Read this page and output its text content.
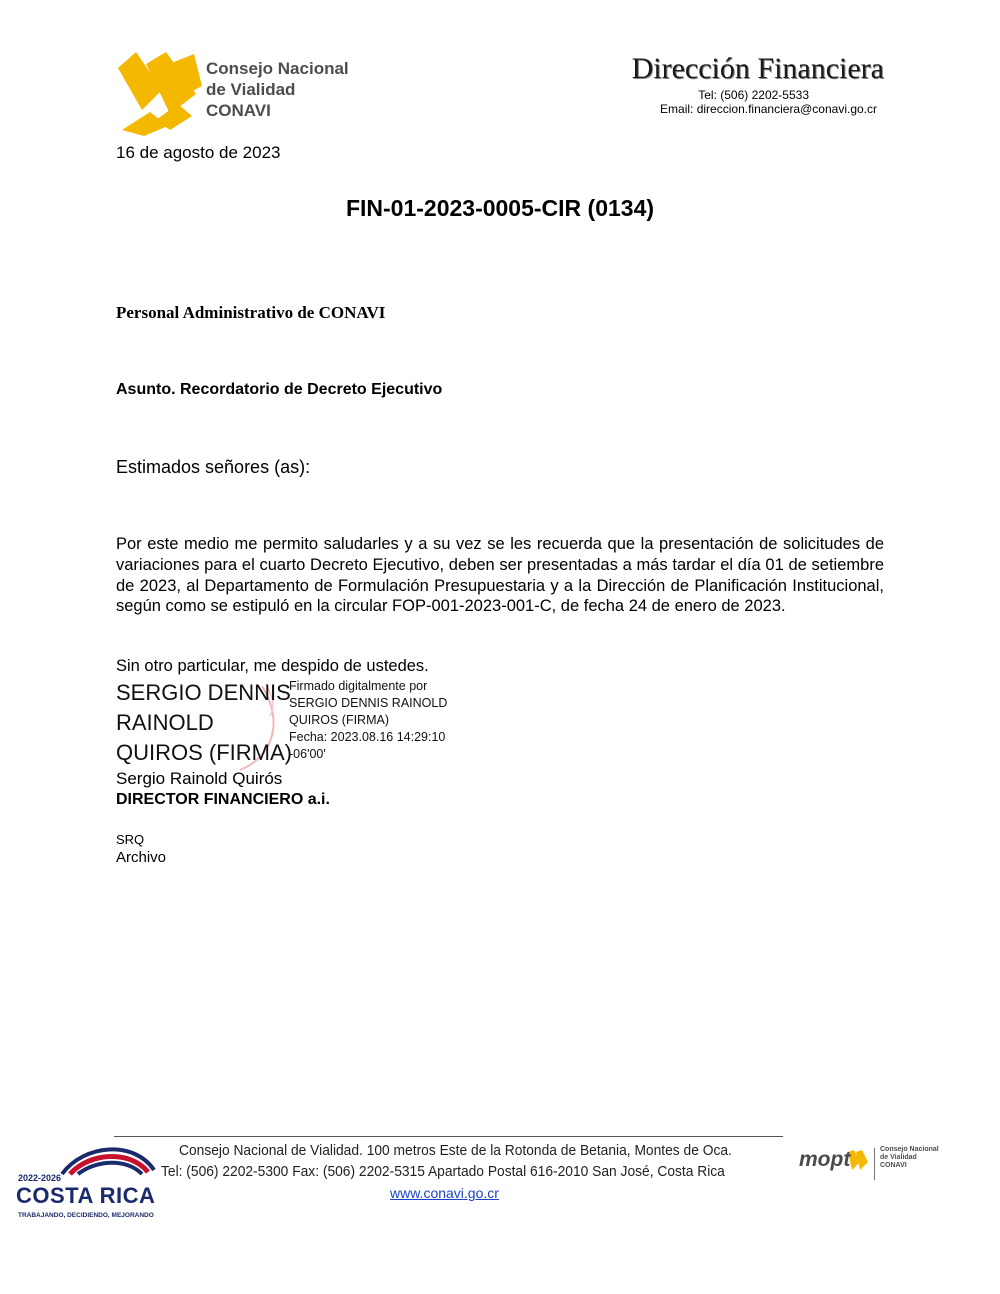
Consejo Nacional
de Vialidad
CONAVI
Dirección Financiera
Tel: (506) 2202-5533
Email: direccion.financiera@conavi.go.cr
16 de agosto de 2023
FIN-01-2023-0005-CIR (0134)
Personal Administrativo de CONAVI
Asunto. Recordatorio de Decreto Ejecutivo
Estimados señores (as):
Por este medio me permito saludarles y a su vez se les recuerda que la presentación de solicitudes de variaciones para el cuarto Decreto Ejecutivo, deben ser presentadas a más tardar el día 01 de setiembre de 2023, al Departamento de Formulación Presupuestaria y a la Dirección de Planificación Institucional, según como se estipuló en la circular FOP-001-2023-001-C, de fecha 24 de enero de 2023.
Sin otro particular, me despido de ustedes.
SERGIO DENNIS
RAINOLD
QUIROS (FIRMA)
Firmado digitalmente por
SERGIO DENNIS RAINOLD
QUIROS (FIRMA)
Fecha: 2023.08.16 14:29:10
-06'00'
Sergio Rainold Quirós
DIRECTOR FINANCIERO a.i.
SRQ
Archivo
2022-2026
COSTA RICA
TRABAJANDO, DECIDIENDO, MEJORANDO
Consejo Nacional de Vialidad. 100 metros Este de la Rotonda de Betania, Montes de Oca.
Tel: (506) 2202-5300 Fax: (506) 2202-5315 Apartado Postal 616-2010 San José, Costa Rica
www.conavi.go.cr
mopt	Consejo Nacional
de Vialidad
CONAVI
